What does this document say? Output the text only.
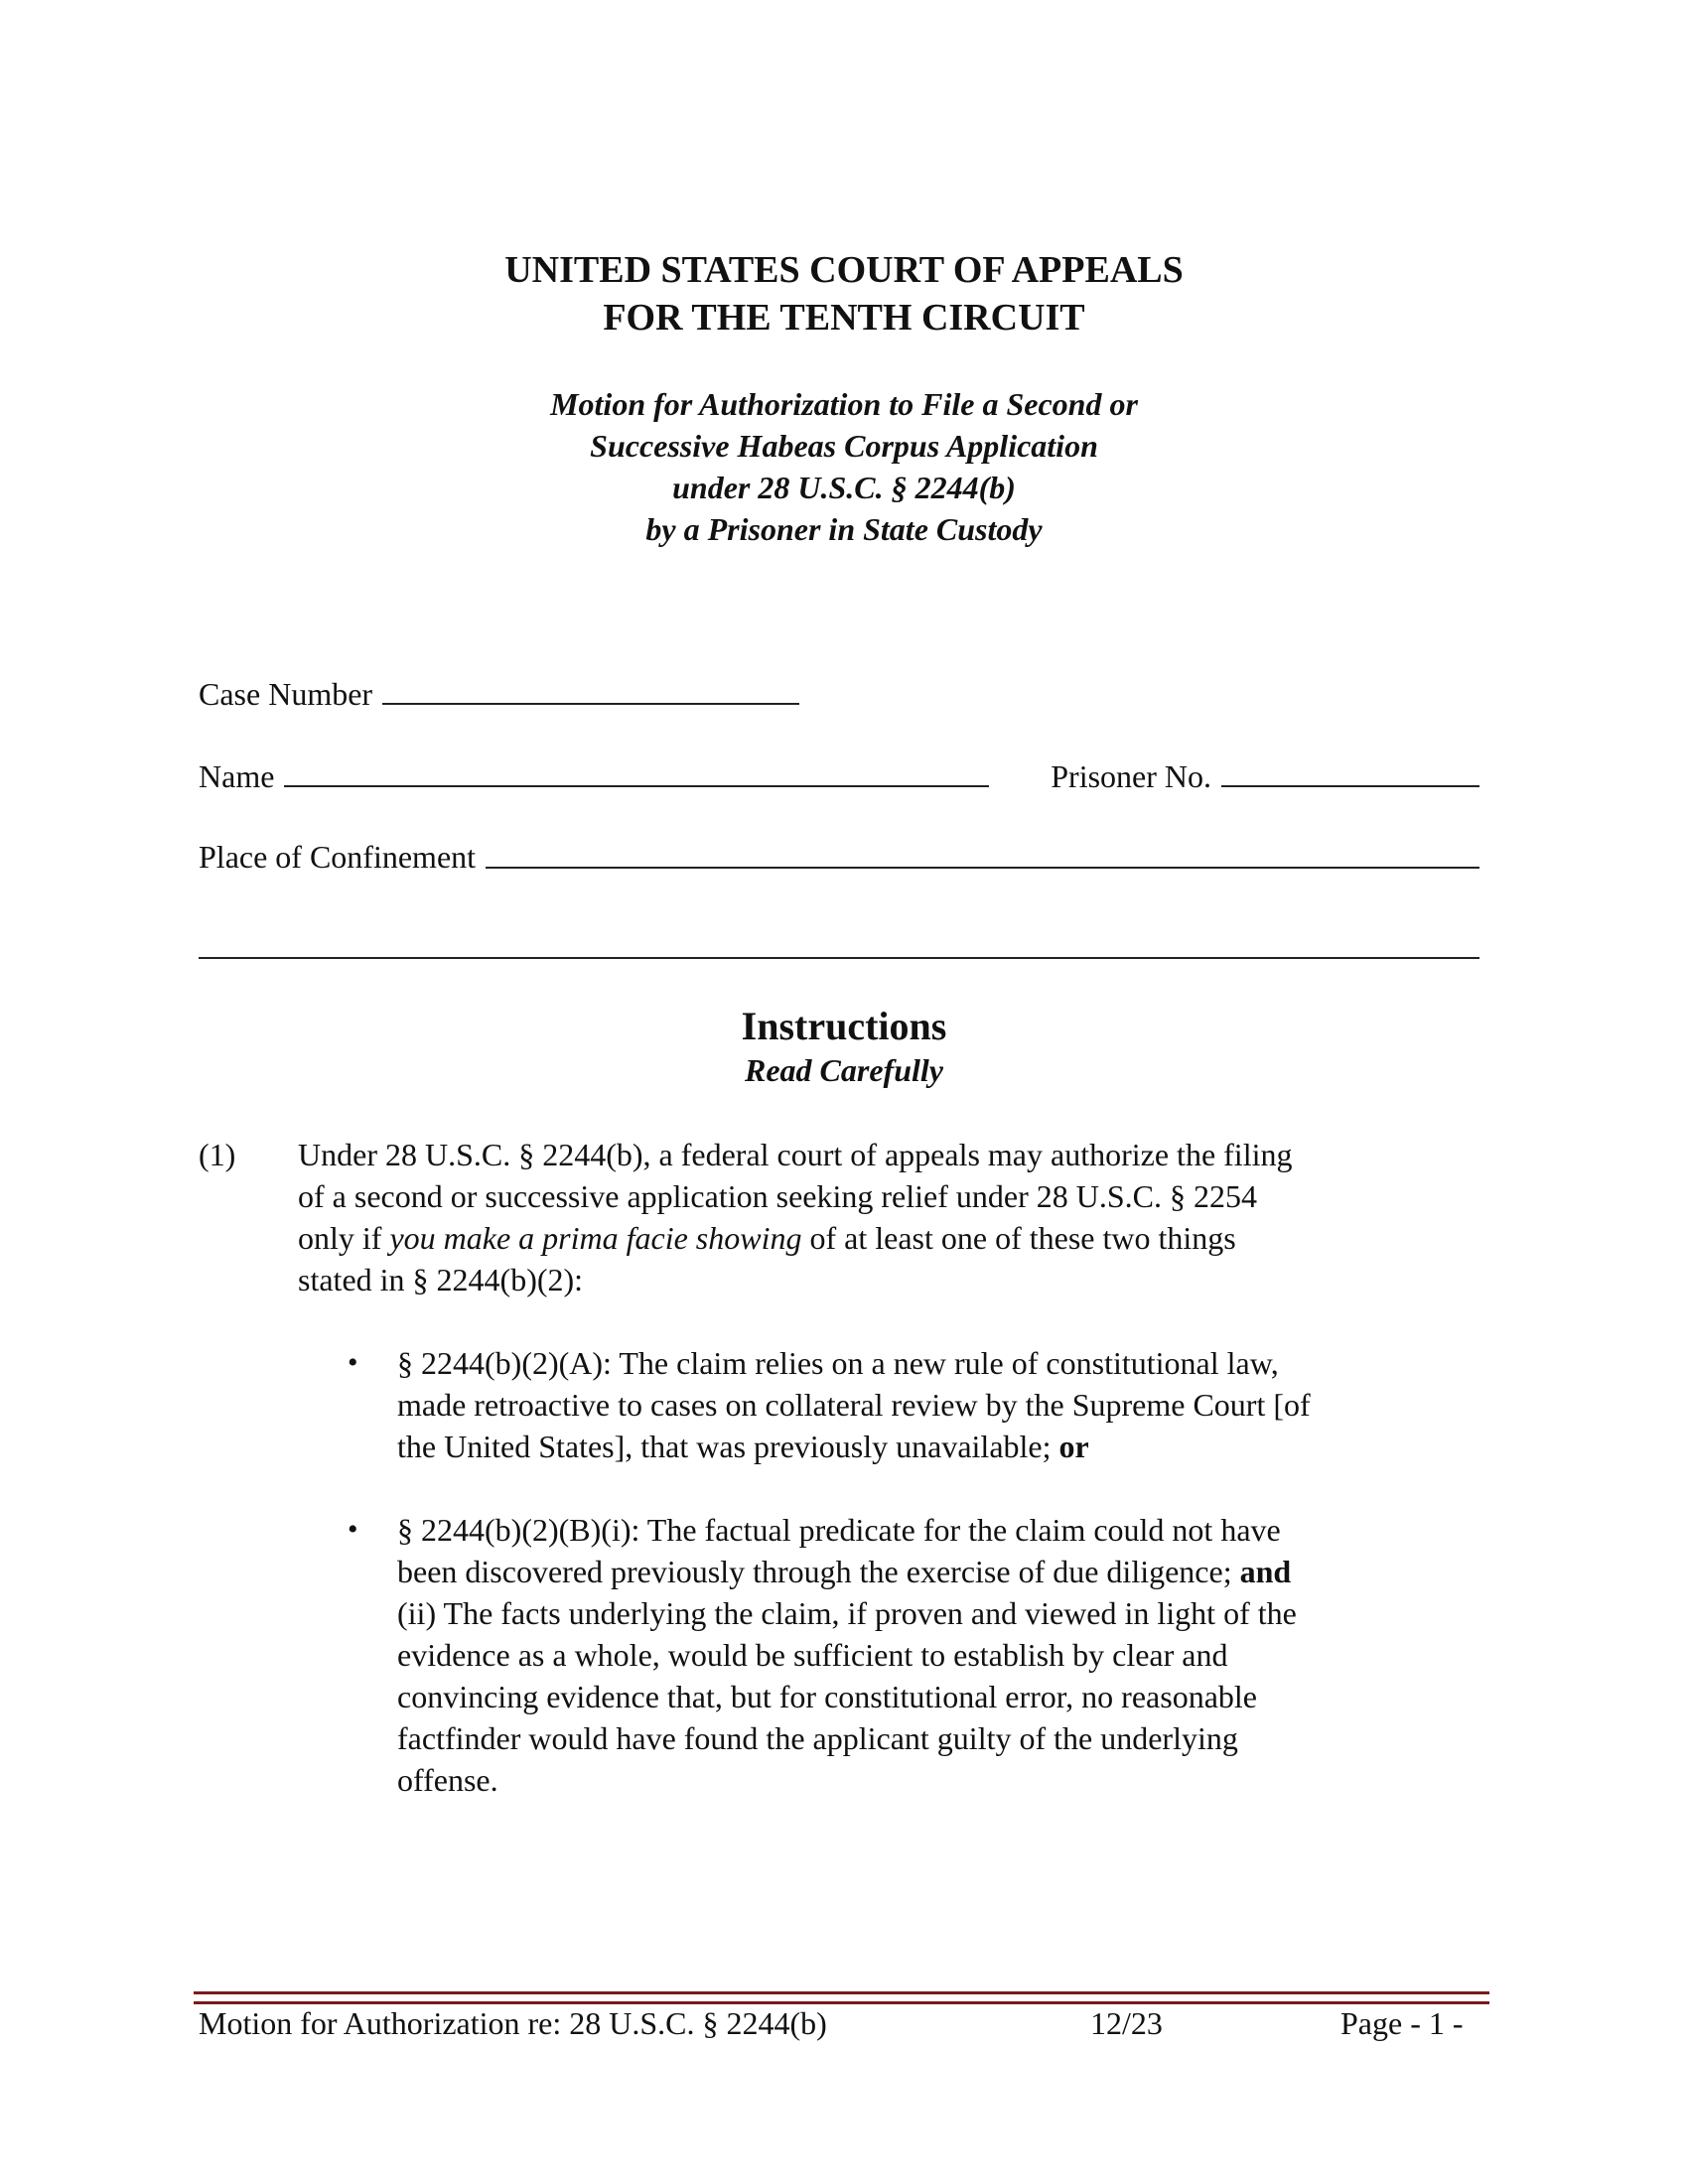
UNITED STATES COURT OF APPEALS
FOR THE TENTH CIRCUIT
Motion for Authorization to File a Second or
Successive Habeas Corpus Application
under 28 U.S.C. § 2244(b)
by a Prisoner in State Custody
Case Number
Name	Prisoner No.
Place of Confinement
Instructions
Read Carefully
(1) Under 28 U.S.C. § 2244(b), a federal court of appeals may authorize the filing
of a second or successive application seeking relief under 28 U.S.C. § 2254
only if you make a prima facie showing of at least one of these two things
stated in § 2244(b)(2):
• § 2244(b)(2)(A): The claim relies on a new rule of constitutional law,
made retroactive to cases on collateral review by the Supreme Court [of
the United States], that was previously unavailable; or
• § 2244(b)(2)(B)(i): The factual predicate for the claim could not have
been discovered previously through the exercise of due diligence; and
(ii) The facts underlying the claim, if proven and viewed in light of the
evidence as a whole, would be sufficient to establish by clear and
convincing evidence that, but for constitutional error, no reasonable
factfinder would have found the applicant guilty of the underlying
offense.
Motion for Authorization re: 28 U.S.C. § 2244(b)	12/23	Page - 1 -
